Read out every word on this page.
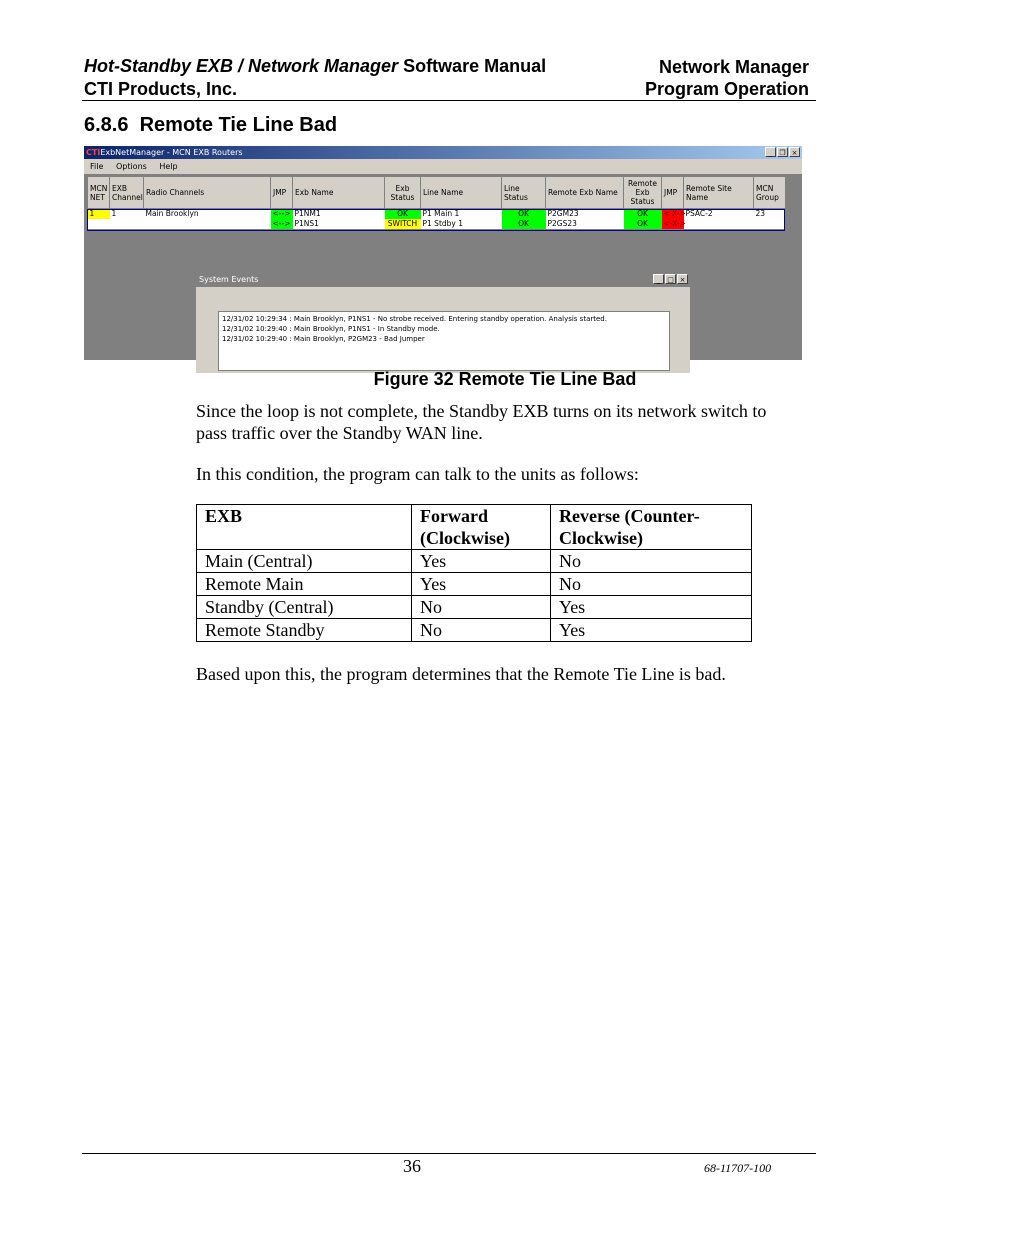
Hot-Standby EXB / Network Manager Software Manual
CTI Products, Inc.
Network Manager
Program Operation
6.8.6 Remote Tie Line Bad
CTIExbNetManager - MCN EXB Routers	_	❐ ×
File Options Help
MCN NET	EXB Channel	Radio Channels	JMP	Exb Name	Exb Status	Line Name	Line Status	Remote Exb Name	Remote Exb Status	JMP	Remote Site Name	MCN Group
1	1	Main Brooklyn	<-->	P1NM1	OK	P1 Main 1	OK	P2GM23	OK	<-X->	PSAC-2	23
			<-->	P1NS1	SWITCH	P1 Stdby 1	OK	P2GS23	OK	<-X->		
System Events	_ □ ×
12/31/02 10:29:34 : Main Brooklyn, P1NS1 - No strobe received. Entering standby operation. Analysis started.
12/31/02 10:29:40 : Main Brooklyn, P1NS1 - In Standby mode.
12/31/02 10:29:40 : Main Brooklyn, P2GM23 - Bad Jumper
Figure 32 Remote Tie Line Bad
Since the loop is not complete, the Standby EXB turns on its network switch to pass traffic over the Standby WAN line.
In this condition, the program can talk to the units as follows:
EXB	Forward (Clockwise)	Reverse (Counter-Clockwise)
Main (Central)	Yes	No
Remote Main	Yes	No
Standby (Central)	No	Yes
Remote Standby	No	Yes
Based upon this, the program determines that the Remote Tie Line is bad.
36	68-11707-100
